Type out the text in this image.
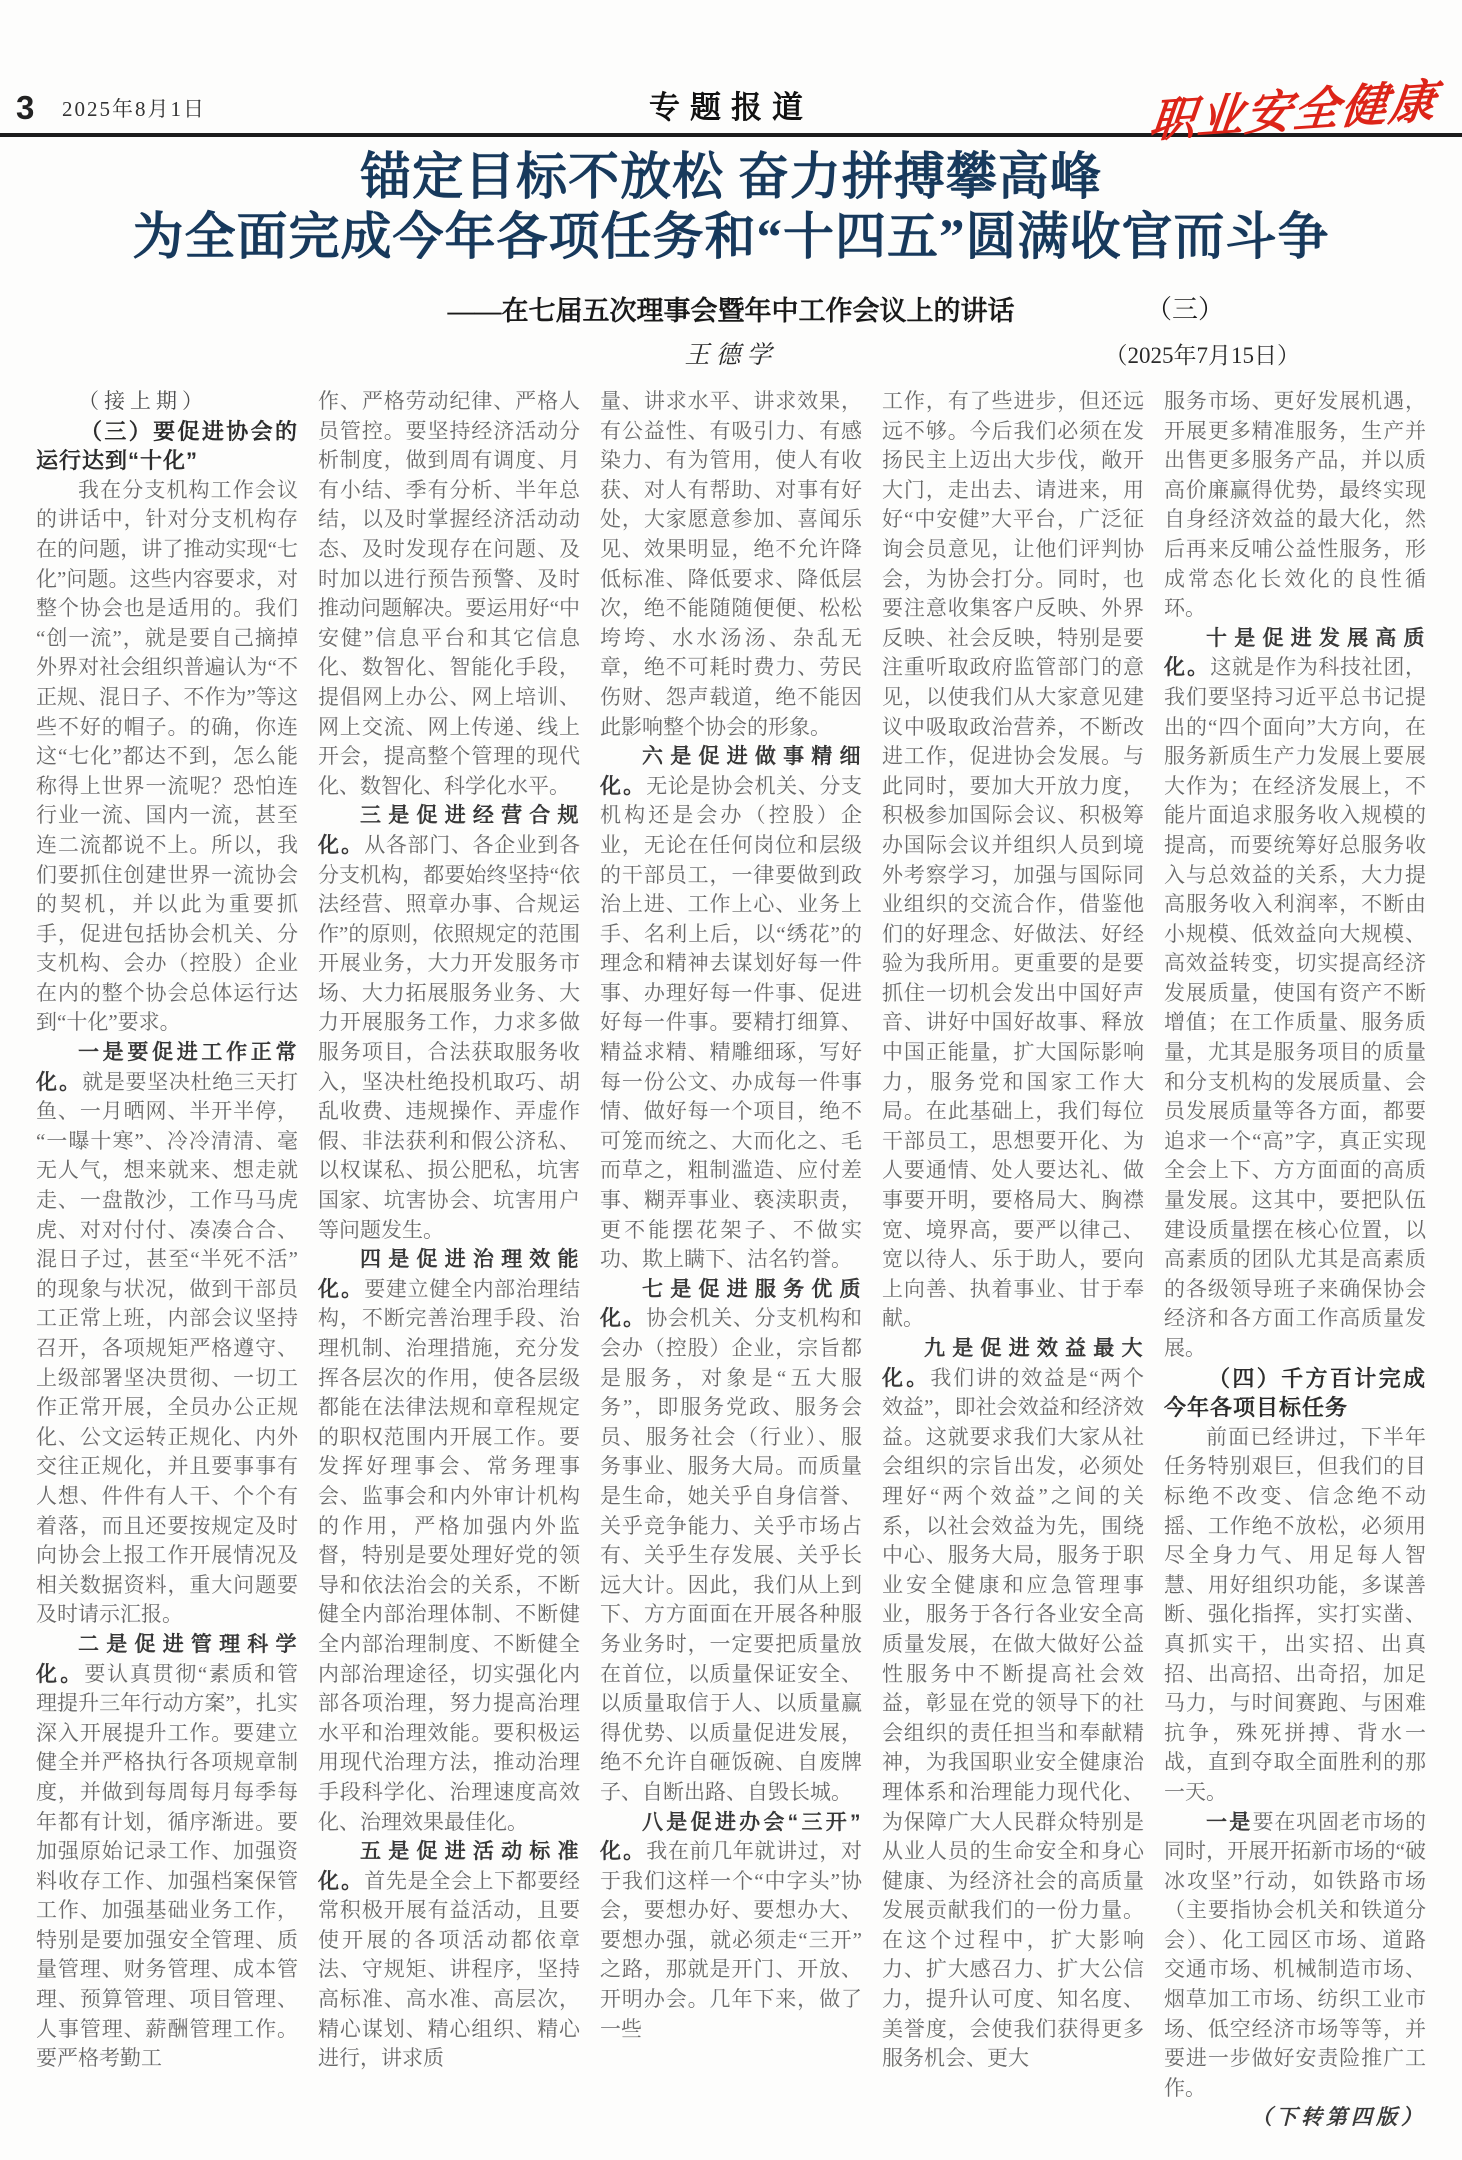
3 2025年8月1日	专题报道	职业安全健康
锚定目标不放松 奋力拼搏攀高峰
为全面完成今年各项任务和“十四五”圆满收官而斗争
——在七届五次理事会暨年中工作会议上的讲话	（三）
王德学	（2025年7月15日）

（接上期）

（三）要促进协会的运行达到“十化”

我在分支机构工作会议的讲话中，针对分支机构存在的问题，讲了推动实现“七化”问题。这些内容要求，对整个协会也是适用的。我们“创一流”，就是要自己摘掉外界对社会组织普遍认为“不正规、混日子、不作为”等这些不好的帽子。的确，你连这“七化”都达不到，怎么能称得上世界一流呢？恐怕连行业一流、国内一流，甚至连二流都说不上。所以，我们要抓住创建世界一流协会的契机，并以此为重要抓手，促进包括协会机关、分支机构、会办（控股）企业在内的整个协会总体运行达到“十化”要求。

一是要促进工作正常化。就是要坚决杜绝三天打鱼、一月晒网、半开半停，“一曝十寒”、冷冷清清、毫无人气，想来就来、想走就走、一盘散沙，工作马马虎虎、对对付付、凑凑合合、混日子过，甚至“半死不活”的现象与状况，做到干部员工正常上班，内部会议坚持召开，各项规矩严格遵守、上级部署坚决贯彻、一切工作正常开展，全员办公正规化、公文运转正规化、内外交往正规化，并且要事事有人想、件件有人干、个个有着落，而且还要按规定及时向协会上报工作开展情况及相关数据资料，重大问题要及时请示汇报。

二是促进管理科学化。要认真贯彻“素质和管理提升三年行动方案”，扎实深入开展提升工作。要建立健全并严格执行各项规章制度，并做到每周每月每季每年都有计划，循序渐进。要加强原始记录工作、加强资料收存工作、加强档案保管工作、加强基础业务工作，特别是要加强安全管理、质量管理、财务管理、成本管理、预算管理、项目管理、人事管理、薪酬管理工作。要严格考勤工

作、严格劳动纪律、严格人员管控。要坚持经济活动分析制度，做到周有调度、月有小结、季有分析、半年总结，以及时掌握经济活动动态、及时发现存在问题、及时加以进行预告预警、及时推动问题解决。要运用好“中安健”信息平台和其它信息化、数智化、智能化手段，提倡网上办公、网上培训、网上交流、网上传递、线上开会，提高整个管理的现代化、数智化、科学化水平。

三是促进经营合规化。从各部门、各企业到各分支机构，都要始终坚持“依法经营、照章办事、合规运作”的原则，依照规定的范围开展业务，大力开发服务市场、大力拓展服务业务、大力开展服务工作，力求多做服务项目，合法获取服务收入，坚决杜绝投机取巧、胡乱收费、违规操作、弄虚作假、非法获利和假公济私、以权谋私、损公肥私，坑害国家、坑害协会、坑害用户等问题发生。

四是促进治理效能化。要建立健全内部治理结构，不断完善治理手段、治理机制、治理措施，充分发挥各层次的作用，使各层级都能在法律法规和章程规定的职权范围内开展工作。要发挥好理事会、常务理事会、监事会和内外审计机构的作用，严格加强内外监督，特别是要处理好党的领导和依法治会的关系，不断健全内部治理体制、不断健全内部治理制度、不断健全内部治理途径，切实强化内部各项治理，努力提高治理水平和治理效能。要积极运用现代治理方法，推动治理手段科学化、治理速度高效化、治理效果最佳化。

五是促进活动标准化。首先是全会上下都要经常积极开展有益活动，且要使开展的各项活动都依章法、守规矩、讲程序，坚持高标准、高水准、高层次，精心谋划、精心组织、精心进行，讲求质

量、讲求水平、讲求效果，有公益性、有吸引力、有感染力、有为管用，使人有收获、对人有帮助、对事有好处，大家愿意参加、喜闻乐见、效果明显，绝不允许降低标准、降低要求、降低层次，绝不能随随便便、松松垮垮、水水汤汤、杂乱无章，绝不可耗时费力、劳民伤财、怨声载道，绝不能因此影响整个协会的形象。

六是促进做事精细化。无论是协会机关、分支机构还是会办（控股）企业，无论在任何岗位和层级的干部员工，一律要做到政治上进、工作上心、业务上手、名利上后，以“绣花”的理念和精神去谋划好每一件事、办理好每一件事、促进好每一件事。要精打细算、精益求精、精雕细琢，写好每一份公文、办成每一件事情、做好每一个项目，绝不可笼而统之、大而化之、毛而草之，粗制滥造、应付差事、糊弄事业、亵渎职责，更不能摆花架子、不做实功、欺上瞒下、沽名钓誉。

七是促进服务优质化。协会机关、分支机构和会办（控股）企业，宗旨都是服务，对象是“五大服务”，即服务党政、服务会员、服务社会（行业）、服务事业、服务大局。而质量是生命，她关乎自身信誉、关乎竞争能力、关乎市场占有、关乎生存发展、关乎长远大计。因此，我们从上到下、方方面面在开展各种服务业务时，一定要把质量放在首位，以质量保证安全、以质量取信于人、以质量赢得优势、以质量促进发展，绝不允许自砸饭碗、自废牌子、自断出路、自毁长城。

八是促进办会“三开”化。我在前几年就讲过，对于我们这样一个“中字头”协会，要想办好、要想办大、要想办强，就必须走“三开”之路，那就是开门、开放、开明办会。几年下来，做了一些

工作，有了些进步，但还远远不够。今后我们必须在发扬民主上迈出大步伐，敞开大门，走出去、请进来，用好“中安健”大平台，广泛征询会员意见，让他们评判协会，为协会打分。同时，也要注意收集客户反映、外界反映、社会反映，特别是要注重听取政府监管部门的意见，以使我们从大家意见建议中吸取政治营养，不断改进工作，促进协会发展。与此同时，要加大开放力度，积极参加国际会议、积极筹办国际会议并组织人员到境外考察学习，加强与国际同业组织的交流合作，借鉴他们的好理念、好做法、好经验为我所用。更重要的是要抓住一切机会发出中国好声音、讲好中国好故事、释放中国正能量，扩大国际影响力，服务党和国家工作大局。在此基础上，我们每位干部员工，思想要开化、为人要通情、处人要达礼、做事要开明，要格局大、胸襟宽、境界高，要严以律己、宽以待人、乐于助人，要向上向善、执着事业、甘于奉献。

九是促进效益最大化。我们讲的效益是“两个效益”，即社会效益和经济效益。这就要求我们大家从社会组织的宗旨出发，必须处理好“两个效益”之间的关系，以社会效益为先，围绕中心、服务大局，服务于职业安全健康和应急管理事业，服务于各行各业安全高质量发展，在做大做好公益性服务中不断提高社会效益，彰显在党的领导下的社会组织的责任担当和奉献精神，为我国职业安全健康治理体系和治理能力现代化、为保障广大人民群众特别是从业人员的生命安全和身心健康、为经济社会的高质量发展贡献我们的一份力量。在这个过程中，扩大影响力、扩大感召力、扩大公信力，提升认可度、知名度、美誉度，会使我们获得更多服务机会、更大

服务市场、更好发展机遇，开展更多精准服务，生产并出售更多服务产品，并以质高价廉赢得优势，最终实现自身经济效益的最大化，然后再来反哺公益性服务，形成常态化长效化的良性循环。

十是促进发展高质化。这就是作为科技社团，我们要坚持习近平总书记提出的“四个面向”大方向，在服务新质生产力发展上要展大作为；在经济发展上，不能片面追求服务收入规模的提高，而要统筹好总服务收入与总效益的关系，大力提高服务收入利润率，不断由小规模、低效益向大规模、高效益转变，切实提高经济发展质量，使国有资产不断增值；在工作质量、服务质量，尤其是服务项目的质量和分支机构的发展质量、会员发展质量等各方面，都要追求一个“高”字，真正实现全会上下、方方面面的高质量发展。这其中，要把队伍建设质量摆在核心位置，以高素质的团队尤其是高素质的各级领导班子来确保协会经济和各方面工作高质量发展。

（四）千方百计完成今年各项目标任务

前面已经讲过，下半年任务特别艰巨，但我们的目标绝不改变、信念绝不动摇、工作绝不放松，必须用尽全身力气、用足每人智慧、用好组织功能，多谋善断、强化指挥，实打实凿、真抓实干，出实招、出真招、出高招、出奇招，加足马力，与时间赛跑、与困难抗争，殊死拼搏、背水一战，直到夺取全面胜利的那一天。

一是要在巩固老市场的同时，开展开拓新市场的“破冰攻坚”行动，如铁路市场（主要指协会机关和铁道分会）、化工园区市场、道路交通市场、机械制造市场、烟草加工市场、纺织工业市场、低空经济市场等等，并要进一步做好安责险推广工作。

（下转第四版）
